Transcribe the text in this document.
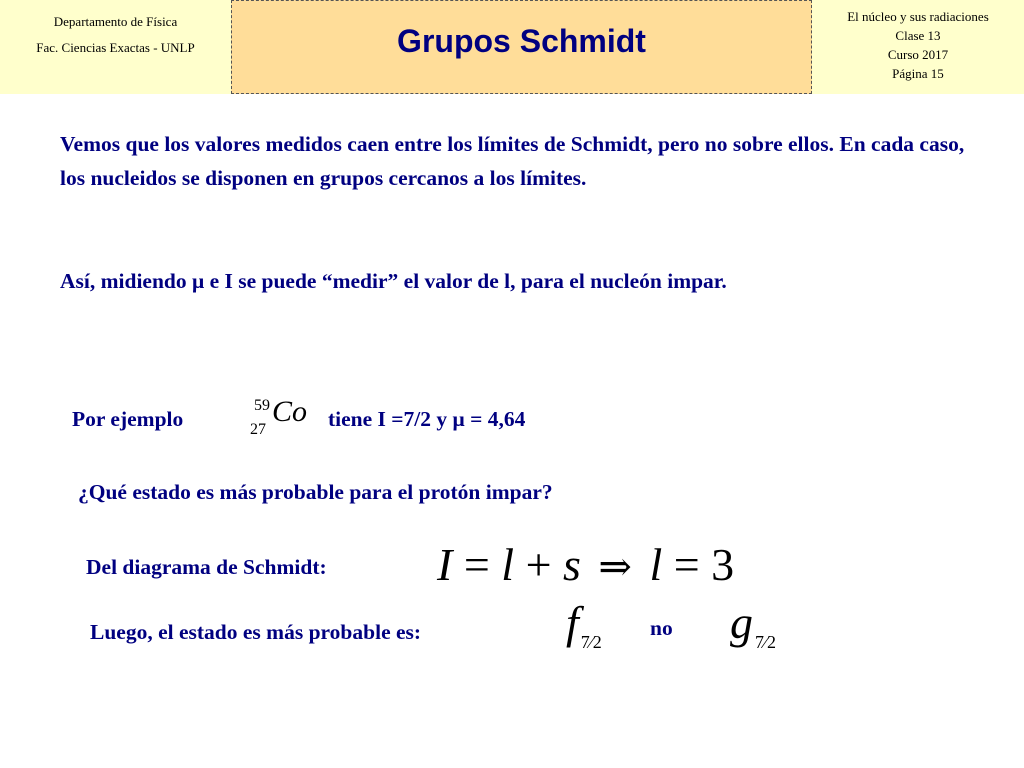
Departamento de Física
Fac. Ciencias Exactas - UNLP	Grupos Schmidt
El núcleo y sus radiaciones
Clase 13
Curso 2017
Página 15

Vemos que los valores medidos caen entre los límites de Schmidt, pero no sobre ellos. En cada caso, los nucleidos se disponen en grupos cercanos a los límites.

Así, midiendo μ e I se puede “medir” el valor de l, para el nucleón impar.

Por ejemplo
59
27
Co tiene I =7/2 y μ = 4,64
¿Qué estado es más probable para el protón impar?
Del diagrama de Schmidt: I = l + s ⇒ l = 3
Luego, el estado es más probable es:	f 7⁄2
no g 7⁄2
